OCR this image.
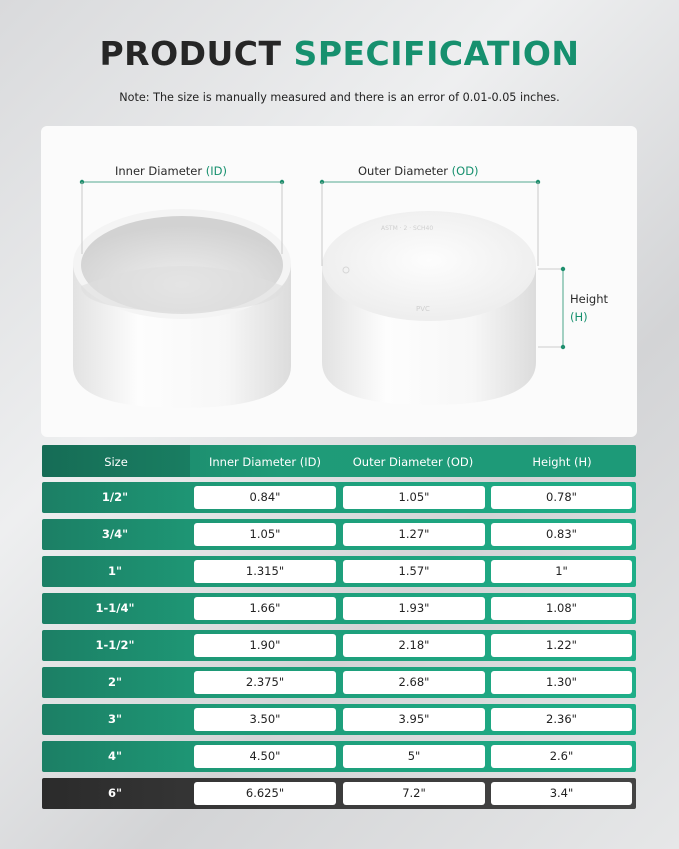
PRODUCT SPECIFICATION
Note: The size is manually measured and there is an error of 0.01-0.05 inches.
ASTM · 2 · SCH40
PVC
Inner Diameter (ID)	Outer Diameter (OD)
Height
(H)
Size	Inner Diameter (ID)	Outer Diameter (OD)	Height (H)
1/2"	0.84"	1.05"	0.78"
3/4"	1.05"	1.27"	0.83"
1"	1.315"	1.57"	1"
1-1/4"	1.66"	1.93"	1.08"
1-1/2"	1.90"	2.18"	1.22"
2"	2.375"	2.68"	1.30"
3"	3.50"	3.95"	2.36"
4"	4.50"	5"	2.6"
6"	6.625"	7.2"	3.4"
